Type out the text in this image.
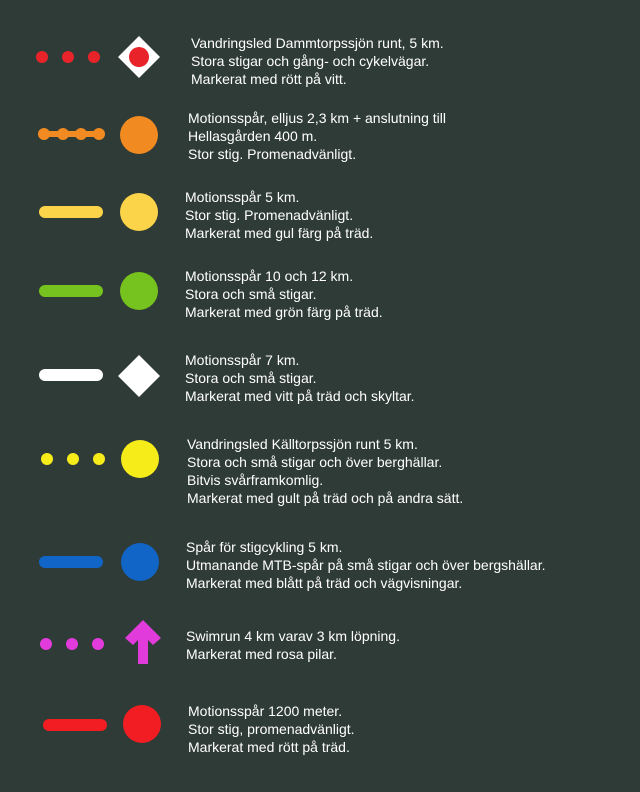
Vandringsled Dammtorpssjön runt, 5 km.
Stora stigar och gång- och cykelvägar.
Markerat med rött på vitt.
Motionsspår, elljus 2,3 km + anslutning till
Hellasgården 400 m.
Stor stig. Promenadvänligt.
Motionsspår 5 km.
Stor stig. Promenadvänligt.
Markerat med gul färg på träd.
Motionsspår 10 och 12 km.
Stora och små stigar.
Markerat med grön färg på träd.
Motionsspår 7 km.
Stora och små stigar.
Markerat med vitt på träd och skyltar.
Vandringsled Källtorpssjön runt 5 km.
Stora och små stigar och över berghällar.
Bitvis svårframkomlig.
Markerat med gult på träd och på andra sätt.
Spår för stigcykling 5 km.
Utmanande MTB-spår på små stigar och över bergshällar.
Markerat med blått på träd och vägvisningar.
Swimrun 4 km varav 3 km löpning.
Markerat med rosa pilar.
Motionsspår 1200 meter.
Stor stig, promenadvänligt.
Markerat med rött på träd.
